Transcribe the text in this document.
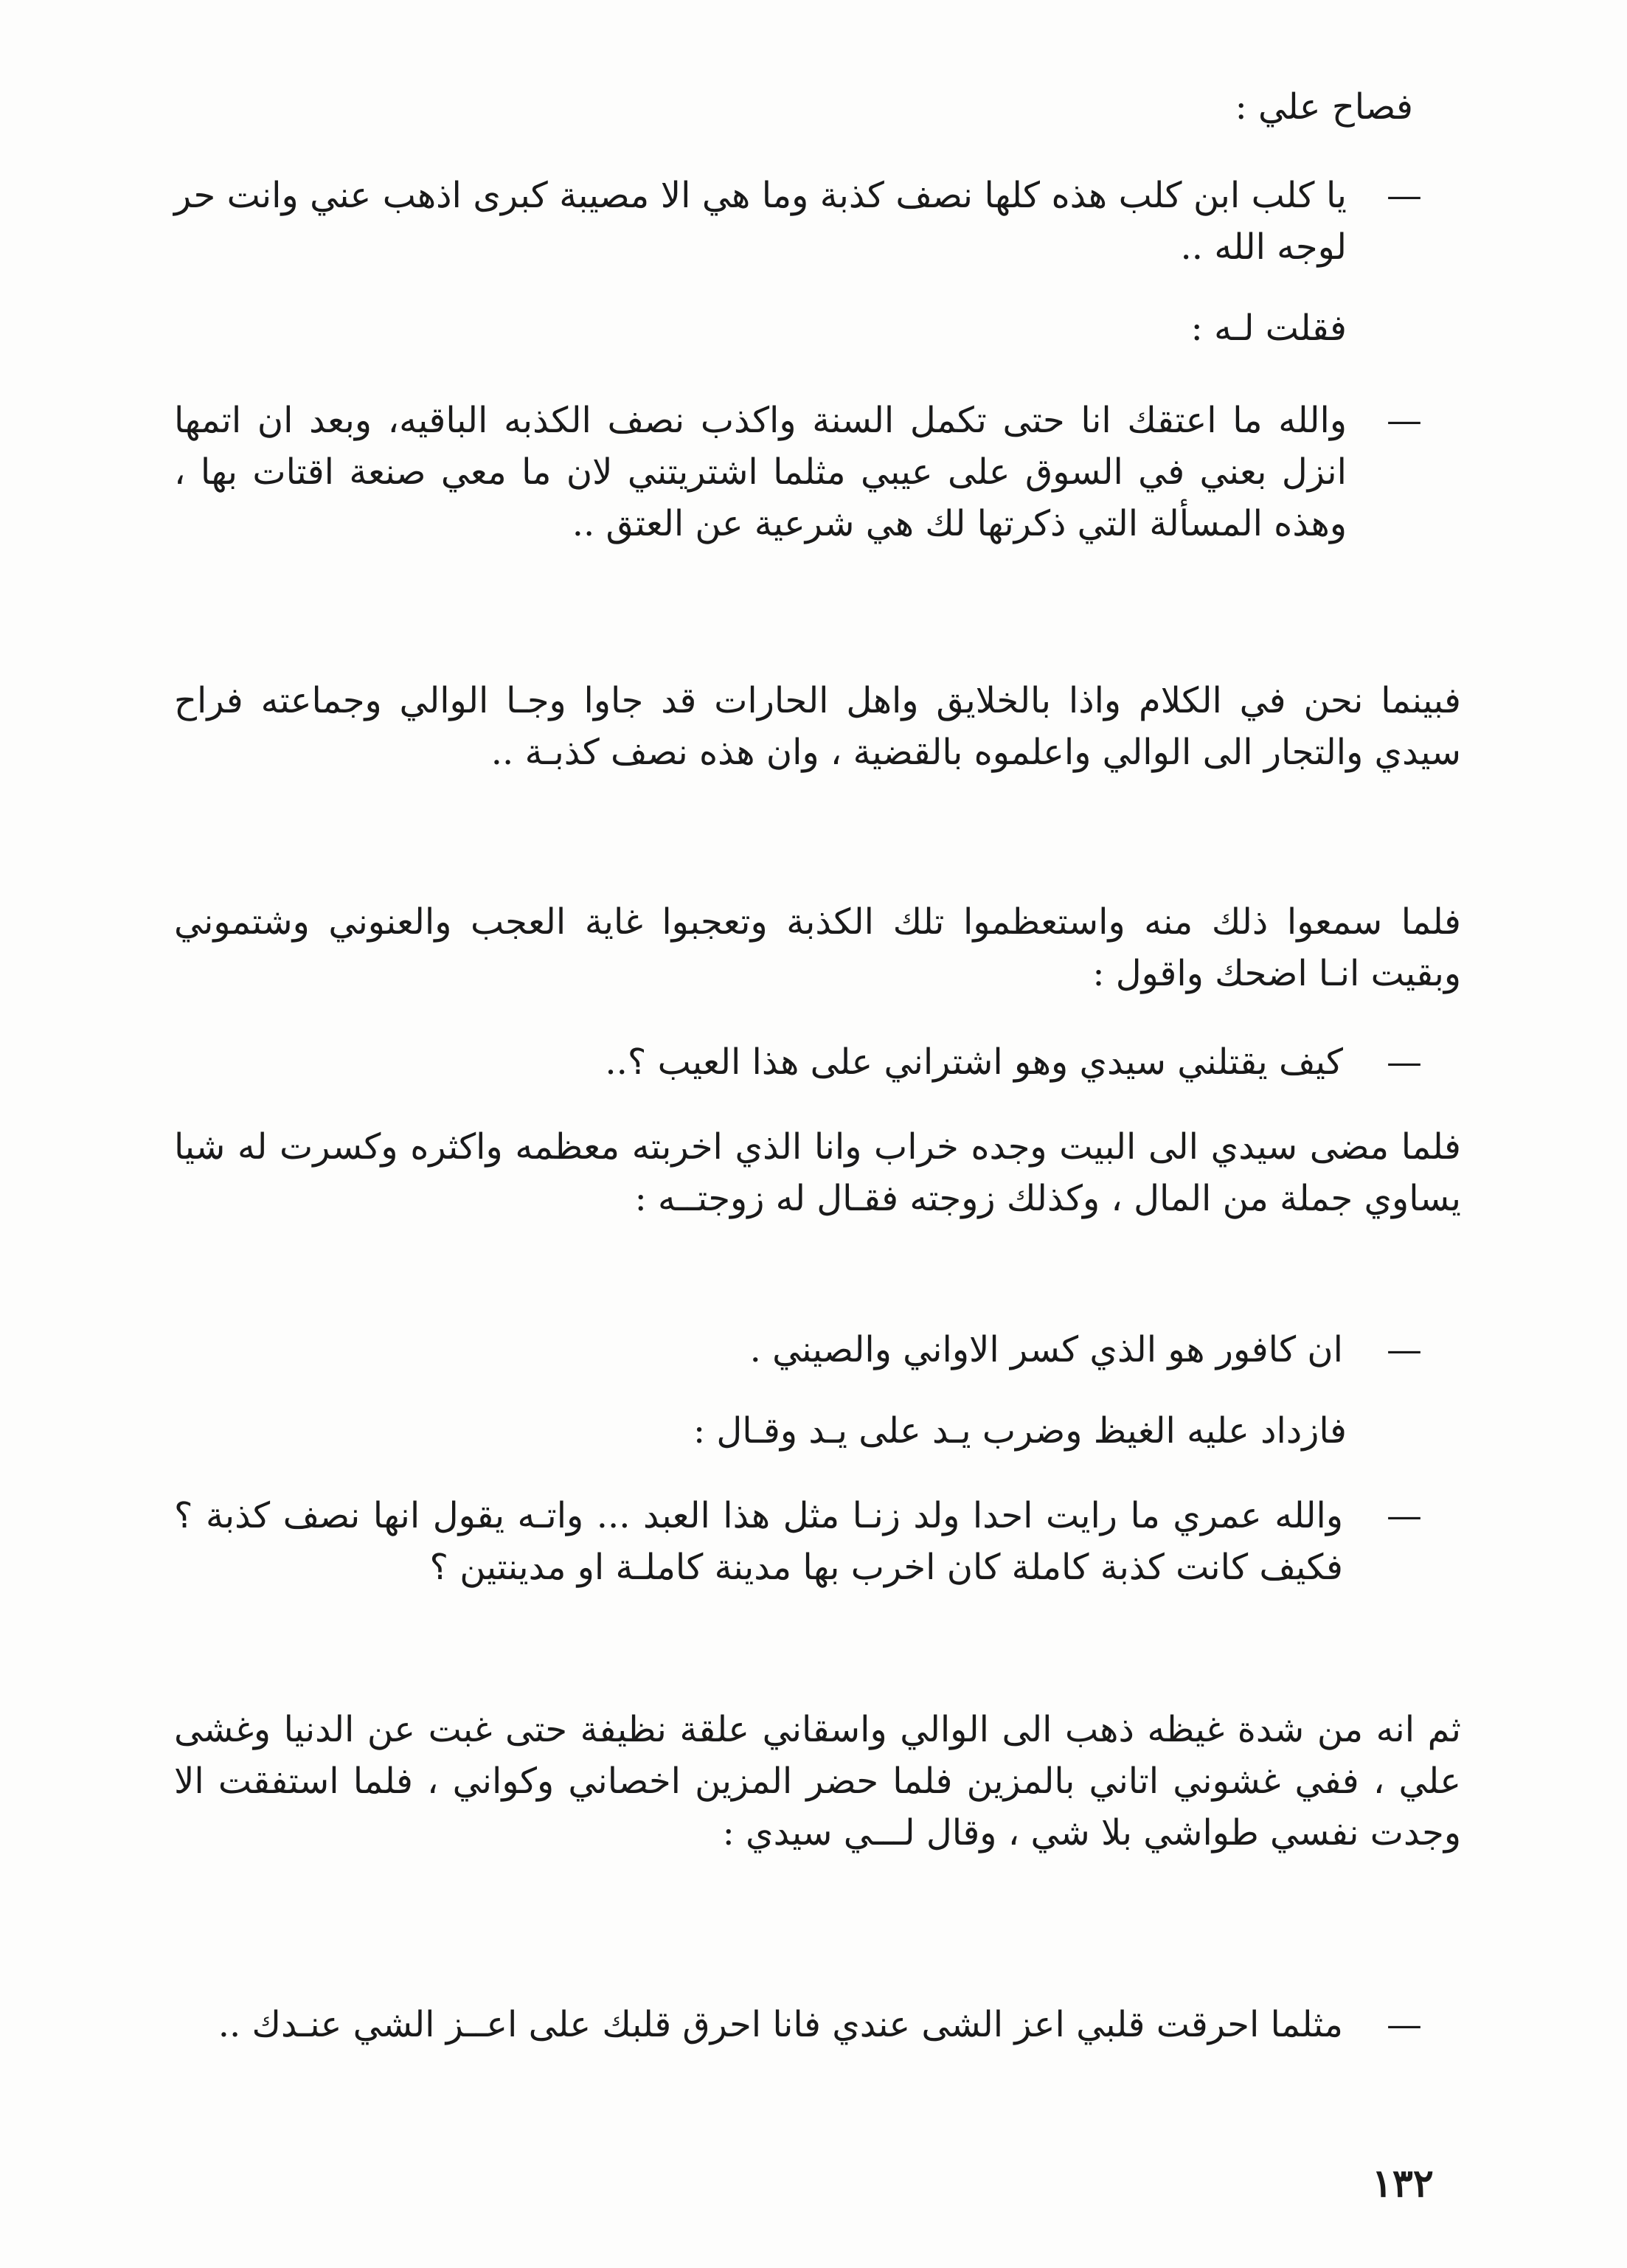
فصاح علي :

—

يا كلب ابن كلب هذه كلها نصف كذبة وما هي الا مصيبة كبرى اذهب عني وانت حر لوجه الله ..

فقلت لـه :

—

والله ما اعتقك انا حتى تكمل السنة واكذب نصف الكذبه الباقيه، وبعد ان اتمها انزل بعني في السوق على عيبي مثلما اشتريتني لان ما معي صنعة اقتات بها ، وهذه المسألة التي ذكرتها لك هي شرعية عن العتق ..

فبينما نحن في الكلام واذا بالخلايق واهل الحارات قد جاوا وجـا الوالي وجماعته فراح سيدي والتجار الى الوالي واعلموه بالقضية ، وان هذه نصف كذبـة ..

فلما سمعوا ذلك منه واستعظموا تلك الكذبة وتعجبوا غاية العجب والعنوني وشتموني وبقيت انـا اضحك واقول :

—

كيف يقتلني سيدي وهو اشتراني على هذا العيب ؟..

فلما مضى سيدي الى البيت وجده خراب وانا الذي اخربته معظمه واكثره وكسرت له شيا يساوي جملة من المال ، وكذلك زوجته فقـال له زوجتــه :

—

ان كافور هو الذي كسر الاواني والصيني .

فازداد عليه الغيظ وضرب يـد على يـد وقـال :

—

والله عمري ما رايت احدا ولد زنـا مثل هذا العبد ... واتـه يقول انها نصف كذبة ؟ فكيف كانت كذبة كاملة كان اخرب بها مدينة كاملـة او مدينتين ؟

ثم انه من شدة غيظه ذهب الى الوالي واسقاني علقة نظيفة حتى غبت عن الدنيا وغشى علي ، ففي غشوني اتاني بالمزين فلما حضر المزين اخصاني وكواني ، فلما استفقت الا وجدت نفسي طواشي بلا شي ، وقال لـــي سيدي :

—

مثلما احرقت قلبي اعز الشى عندي فانا احرق قلبك على اعــز الشي عنـدك ..

١٣٢
